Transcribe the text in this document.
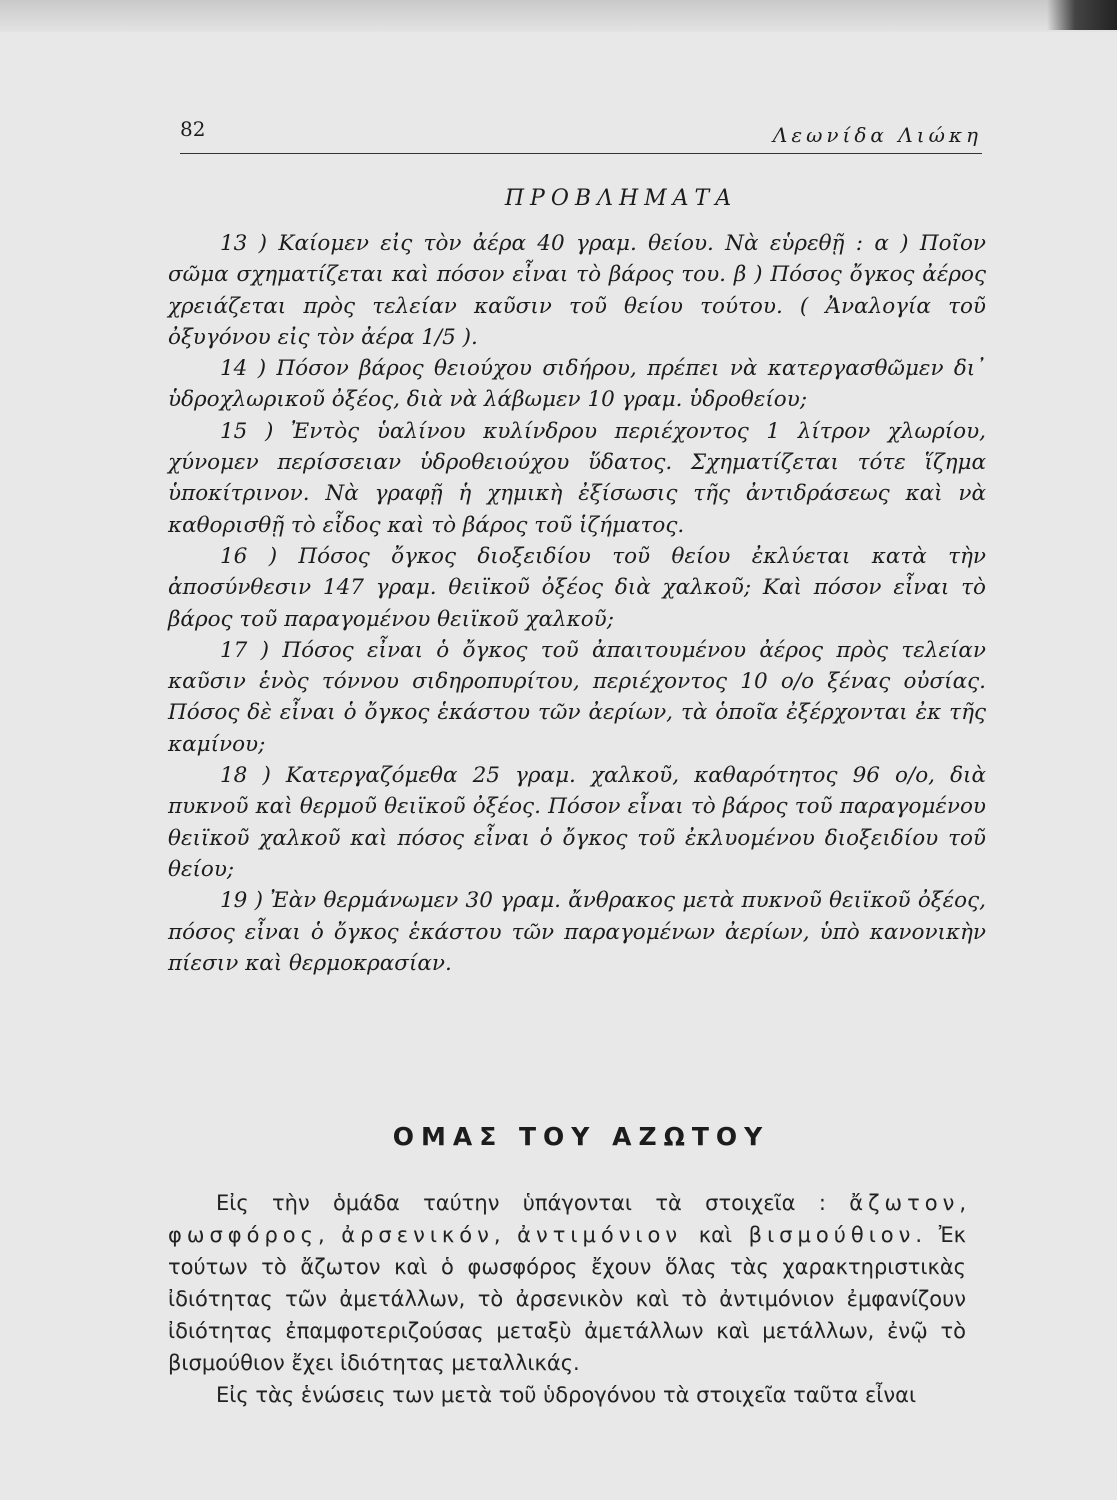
82	Λεωνίδα Λιώκη
ΠΡΟΒΛΗΜΑΤΑ

13 ) Καίομεν εἰς τὸν ἀέρα 40 γραμ. θείου. Νὰ εὑρεθῇ : α ) Ποῖον σῶμα σχηματίζεται καὶ πόσον εἶναι τὸ βάρος του. β ) Πόσος ὄγκος ἀέρος χρειάζεται πρὸς τελείαν καῦσιν τοῦ θείου τούτου. ( Ἀναλογία τοῦ ὀξυγόνου εἰς τὸν ἀέρα 1/5 ).

14 ) Πόσον βάρος θειούχου σιδήρου, πρέπει νὰ κατεργασθῶμεν δι᾽ ὑδροχλωρικοῦ ὀξέος, διὰ νὰ λάβωμεν 10 γραμ. ὑδροθείου;

15 ) Ἐντὸς ὑαλίνου κυλίνδρου περιέχοντος 1 λίτρον χλωρίου, χύνομεν περίσσειαν ὑδροθειούχου ὕδατος. Σχηματίζεται τότε ἵζημα ὑποκίτρινον. Νὰ γραφῇ ἡ χημικὴ ἐξίσωσις τῆς ἀντιδράσεως καὶ νὰ καθορισθῇ τὸ εἶδος καὶ τὸ βάρος τοῦ ἱζήματος.

16 ) Πόσος ὄγκος διοξειδίου τοῦ θείου ἐκλύεται κατὰ τὴν ἀποσύνθεσιν 147 γραμ. θειϊκοῦ ὀξέος διὰ χαλκοῦ; Καὶ πόσον εἶναι τὸ βάρος τοῦ παραγομένου θειϊκοῦ χαλκοῦ;

17 ) Πόσος εἶναι ὁ ὄγκος τοῦ ἀπαιτουμένου ἀέρος πρὸς τελείαν καῦσιν ἑνὸς τόννου σιδηροπυρίτου, περιέχοντος 10 ο/ο ξένας οὐσίας. Πόσος δὲ εἶναι ὁ ὄγκος ἑκάστου τῶν ἀερίων, τὰ ὁποῖα ἐξέρχονται ἐκ τῆς καμίνου;

18 ) Κατεργαζόμεθα 25 γραμ. χαλκοῦ, καθαρότητος 96 ο/ο, διὰ πυκνοῦ καὶ θερμοῦ θειϊκοῦ ὀξέος. Πόσον εἶναι τὸ βάρος τοῦ παραγομένου θειϊκοῦ χαλκοῦ καὶ πόσος εἶναι ὁ ὄγκος τοῦ ἐκλυομένου διοξειδίου τοῦ θείου;

19 ) Ἐὰν θερμάνωμεν 30 γραμ. ἄνθρακος μετὰ πυκνοῦ θειϊκοῦ ὀξέος, πόσος εἶναι ὁ ὄγκος ἑκάστου τῶν παραγομένων ἀερίων, ὑπὸ κανονικὴν πίεσιν καὶ θερμοκρασίαν.

ΟΜΑΣ ΤΟΥ ΑΖΩΤΟΥ

Εἰς τὴν ὁμάδα ταύτην ὑπάγονται τὰ στοιχεῖα : ἄζωτον, φωσφόρος, ἀρσενικόν, ἀντιμόνιον καὶ βισμούθιον. Ἐκ τούτων τὸ ἄζωτον καὶ ὁ φωσφόρος ἔχουν ὅλας τὰς χαρακτηριστικὰς ἰδιότητας τῶν ἀμετάλλων, τὸ ἀρσενικὸν καὶ τὸ ἀντιμόνιον ἐμφανίζουν ἰδιότητας ἐπαμφοτεριζούσας μεταξὺ ἀμετάλλων καὶ μετάλλων, ἐνῷ τὸ βισμούθιον ἔχει ἰδιότητας μεταλλικάς.

Εἰς τὰς ἑνώσεις των μετὰ τοῦ ὑδρογόνου τὰ στοιχεῖα ταῦτα εἶναι
